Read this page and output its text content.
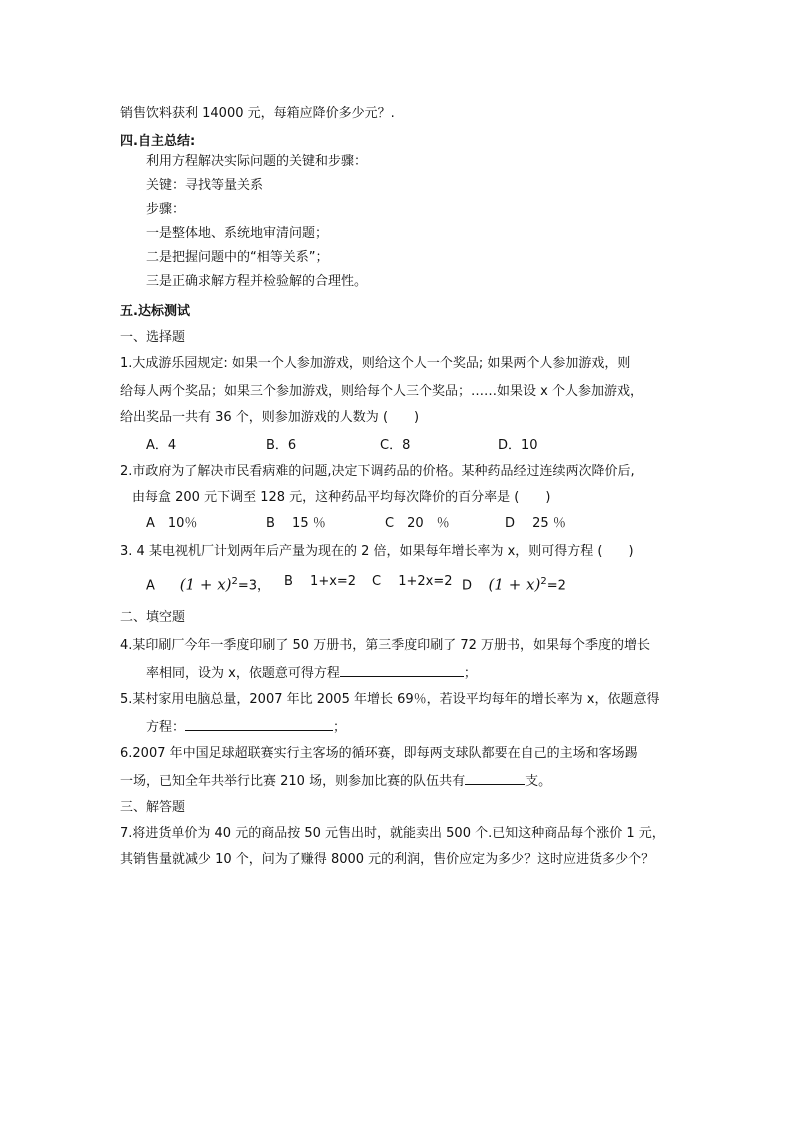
销售饮料获利 14000 元，每箱应降价多少元？.
四.自主总结:
利用方程解决实际问题的关键和步骤：
关键：寻找等量关系
步骤：
一是整体地、系统地审清问题；
二是把握问题中的“相等关系”；
三是正确求解方程并检验解的合理性。
五.达标测试
一、选择题
1.大成游乐园规定: 如果一个人参加游戏，则给这个人一个奖品; 如果两个人参加游戏，则
给每人两个奖品；如果三个参加游戏，则给每个人三个奖品；……如果设 x 个人参加游戏，
给出奖品一共有 36 个，则参加游戏的人数为 (　　)
A．4	B．6	C．8	D．10
2.市政府为了解决市民看病难的问题,决定下调药品的价格。某种药品经过连续两次降价后,
由每盒 200 元下调至 128 元，这种药品平均每次降价的百分率是 (　　)
A　10％	B　 15 ％	C　20　％	D　 25 ％
3. 4 某电视机厂计划两年后产量为现在的 2 倍，如果每年增长率为 x，则可得方程 (　　)
A $(1 + x)^2=3$， B　 1+x=2 C　 1+2x=2 D $(1 + x)^2=2$
二、填空题
4.某印刷厂今年一季度印刷了 50 万册书，第三季度印刷了 72 万册书，如果每个季度的增长
率相同，设为 x，依题意可得方程	；
5.某村家用电脑总量，2007 年比 2005 年增长 69％，若设平均每年的增长率为 x，依题意得
方程：	；
6.2007 年中国足球超联赛实行主客场的循环赛，即每两支球队都要在自己的主场和客场踢
一场，已知全年共举行比赛 210 场，则参加比赛的队伍共有	支。
三、解答题
7.将进货单价为 40 元的商品按 50 元售出时，就能卖出 500 个.已知这种商品每个涨价 1 元，
其销售量就减少 10 个，问为了赚得 8000 元的利润，售价应定为多少？这时应进货多少个？
